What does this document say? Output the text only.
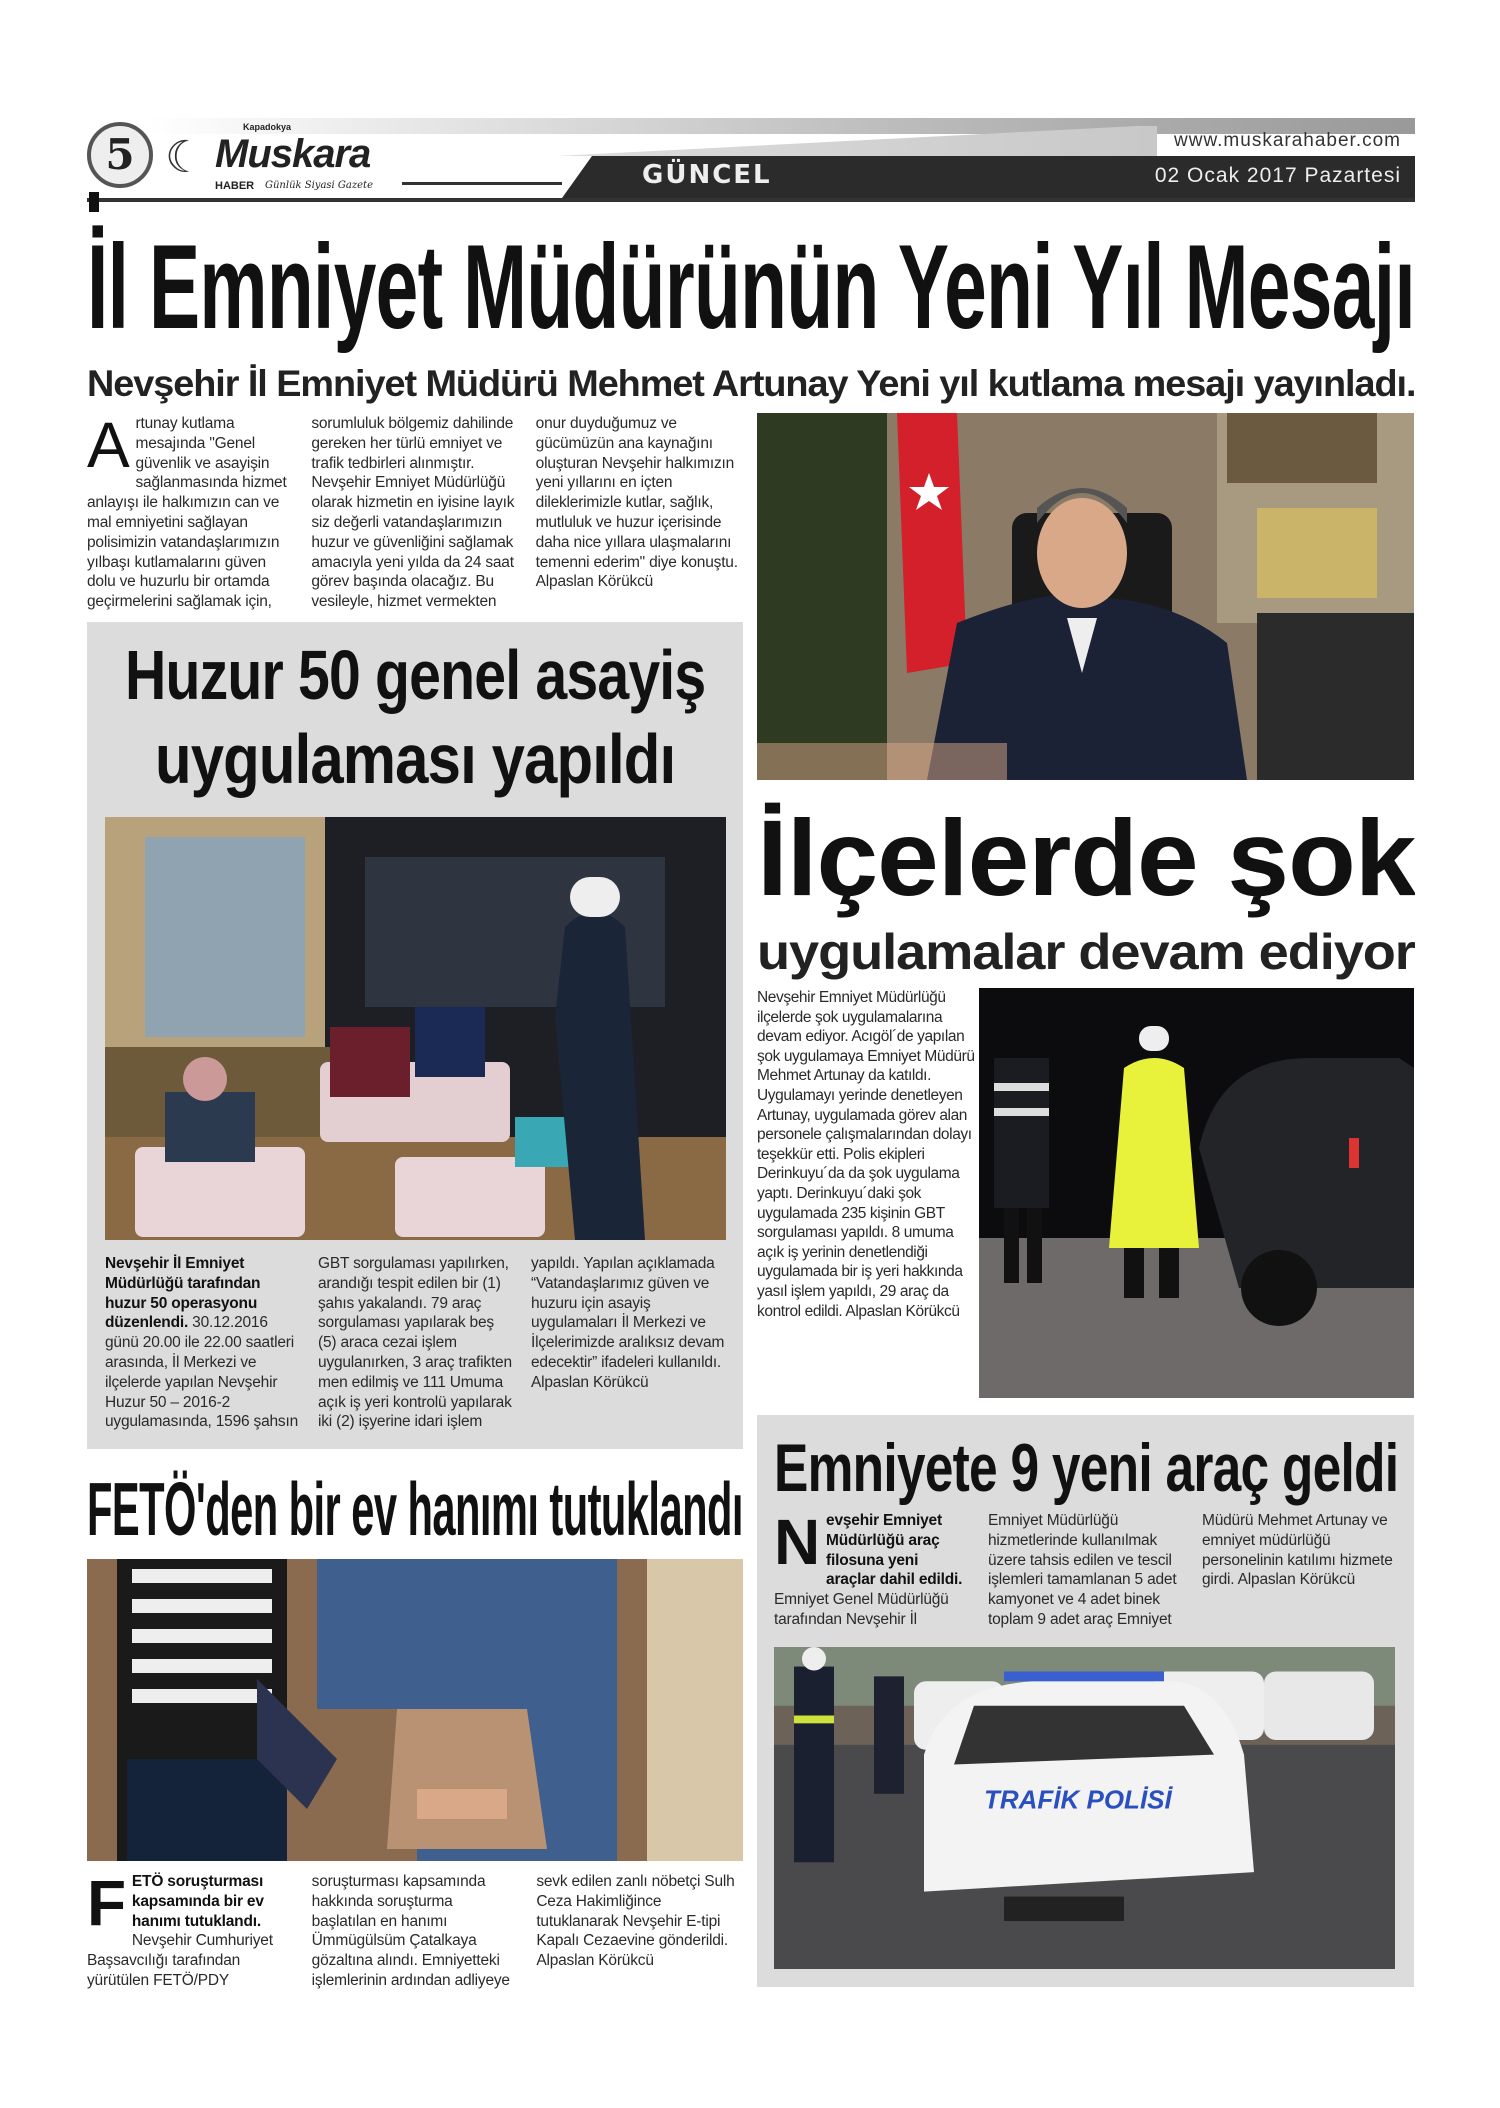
5 ☾
Kapadokya
Muskara
HABER Günlük Siyasi Gazete	GÜNCEL
www.muskarahaber.com
02 Ocak 2017 Pazartesi
İl Emniyet Müdürünün Yeni Yıl Mesajı
Nevşehir İl Emniyet Müdürü Mehmet Artunay Yeni yıl kutlama mesajı yayınladı.
Artunay kutlama mesajında "Genel güvenlik ve asayişin sağlanmasında hizmet anlayışı ile halkımızın can ve mal emniyetini sağlayan polisimizin vatandaşlarımızın yılbaşı kutlamalarını güven dolu ve huzurlu bir ortamda geçirmelerini sağlamak için, sorumluluk bölgemiz dahilinde gereken her türlü emniyet ve trafik tedbirleri alınmıştır. Nevşehir Emniyet Müdürlüğü olarak hizmetin en iyisine layık siz değerli vatandaşlarımızın huzur ve güvenliğini sağlamak amacıyla yeni yılda da 24 saat görev başında olacağız. Bu vesileyle, hizmet vermekten onur duyduğumuz ve gücümüzün ana kaynağını oluşturan Nevşehir halkımızın yeni yıllarını en içten dileklerimizle kutlar, sağlık, mutluluk ve huzur içerisinde daha nice yıllara ulaşmalarını temenni ederim" diye konuştu. Alpaslan Körükcü
Huzur 50 genel asayiş
uygulaması yapıldı
Nevşehir İl Emniyet Müdürlüğü tarafından huzur 50 operasyonu düzenlendi. 30.12.2016 günü 20.00 ile 22.00 saatleri arasında, İl Merkezi ve ilçelerde yapılan Nevşehir Huzur 50 – 2016-2 uygulamasında, 1596 şahsın GBT sorgulaması yapılırken, arandığı tespit edilen bir (1) şahıs yakalandı. 79 araç sorgulaması yapılarak beş (5) araca cezai işlem uygulanırken, 3 araç trafikten men edilmiş ve 111 Umuma açık iş yeri kontrolü yapılarak iki (2) işyerine idari işlem yapıldı. Yapılan açıklamada “Vatandaşlarımız güven ve huzuru için asayiş uygulamaları İl Merkezi ve İlçelerimizde aralıksız devam edecektir” ifadeleri kullanıldı. Alpaslan Körükcü
İlçelerde şok
uygulamalar devam ediyor
Nevşehir Emniyet Müdürlüğü ilçelerde şok uygulamalarına devam ediyor. Acıgöl´de yapılan şok uygulamaya Emniyet Müdürü Mehmet Artunay da katıldı. Uygulamayı yerinde denetleyen Artunay, uygulamada görev alan personele çalışmalarından dolayı teşekkür etti. Polis ekipleri Derinkuyu´da da şok uygulama yaptı. Derinkuyu´daki şok uygulamada 235 kişinin GBT sorgulaması yapıldı. 8 umuma açık iş yerinin denetlendiği uygulamada bir iş yeri hakkında yasıl işlem yapıldı, 29 araç da kontrol edildi. Alpaslan Körükcü
FETÖ'den bir ev hanımı tutuklandı
FETÖ soruşturması kapsamında bir ev hanımı tutuklandı. Nevşehir Cumhuriyet Başsavcılığı tarafından yürütülen FETÖ/PDY soruşturması kapsamında hakkında soruşturma başlatılan en hanımı Ümmügülsüm Çatalkaya gözaltına alındı. Emniyetteki işlemlerinin ardından adliyeye sevk edilen zanlı nöbetçi Sulh Ceza Hakimliğince tutuklanarak Nevşehir E-tipi Kapalı Cezaevine gönderildi. Alpaslan Körükcü
Emniyete 9 yeni araç geldi
Nevşehir Emniyet Müdürlüğü araç filosuna yeni araçlar dahil edildi. Emniyet Genel Müdürlüğü tarafından Nevşehir İl Emniyet Müdürlüğü hizmetlerinde kullanılmak üzere tahsis edilen ve tescil işlemleri tamamlanan 5 adet kamyonet ve 4 adet binek toplam 9 adet araç Emniyet Müdürü Mehmet Artunay ve emniyet müdürlüğü personelinin katılımı hizmete girdi. Alpaslan Körükcü
TRAFİK POLİSİ
